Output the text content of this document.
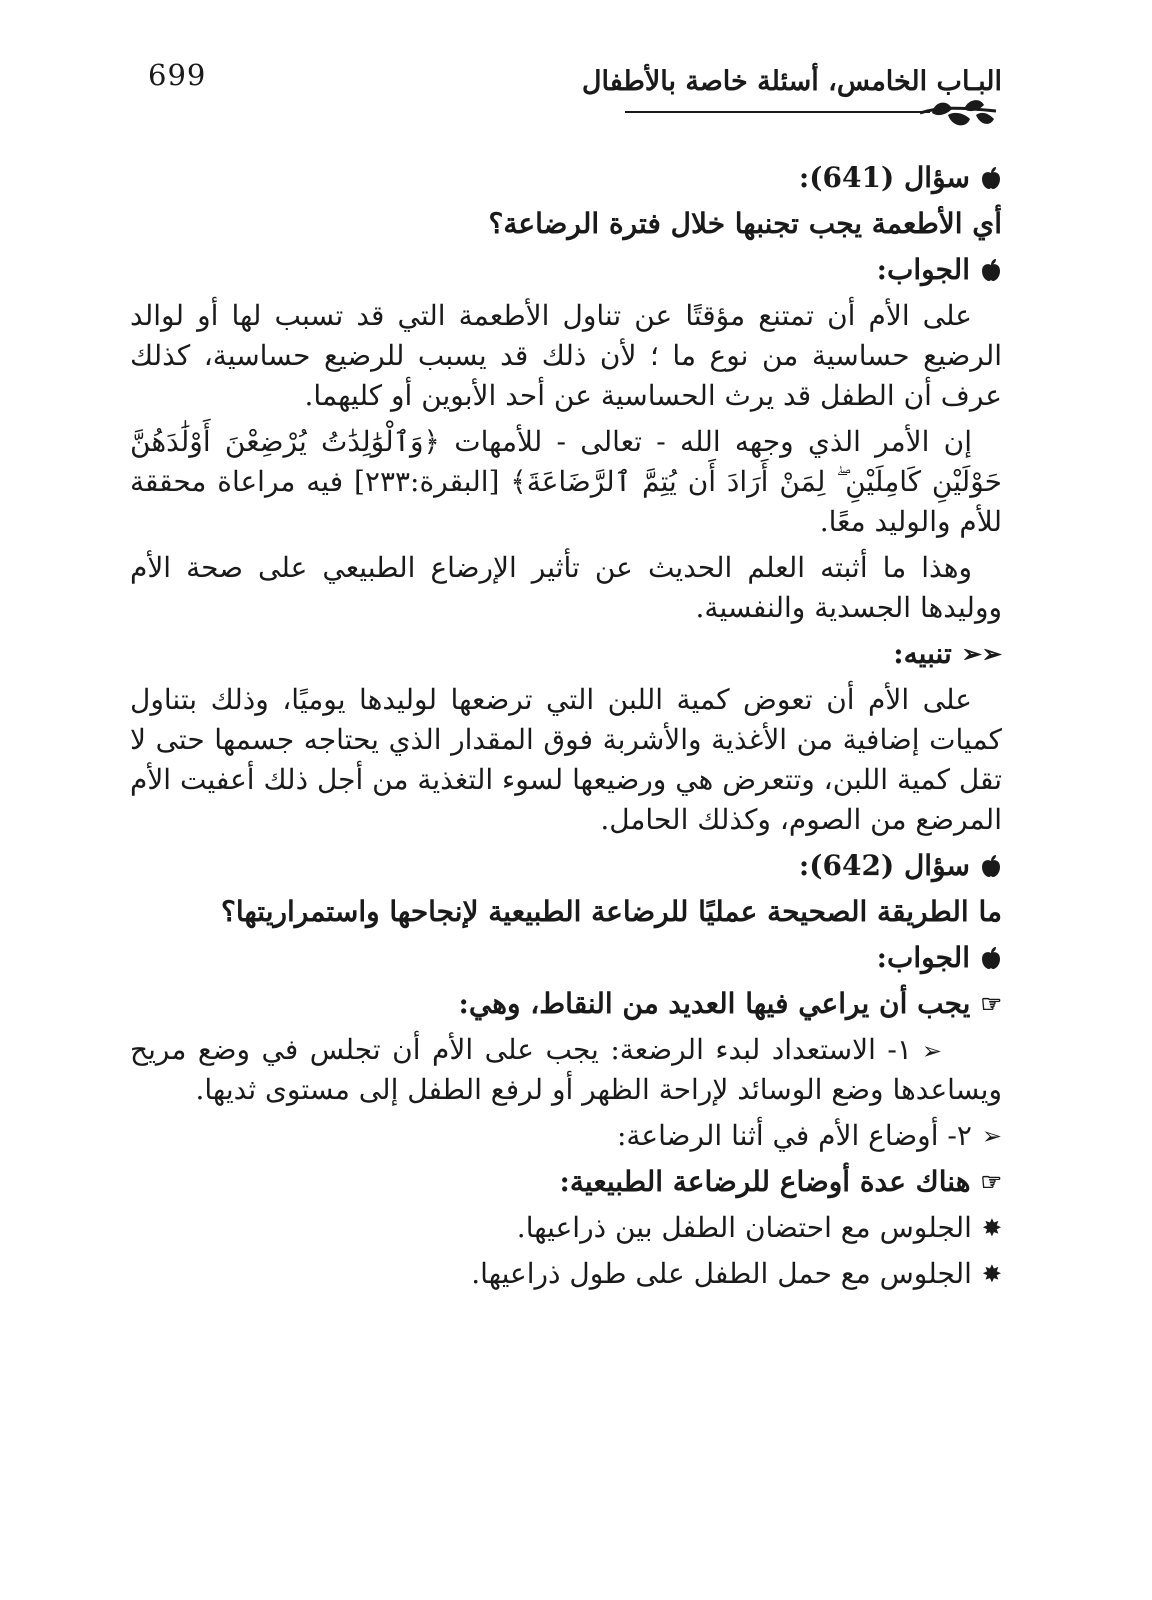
699	البـاب الخامس، أسئلة خاصة بالأطفال
سؤال (641):
أي الأطعمة يجب تجنبها خلال فترة الرضاعة؟
الجواب:

على الأم أن تمتنع مؤقتًا عن تناول الأطعمة التي قد تسبب لها أو لوالد الرضيع حساسية من نوع ما ؛ لأن ذلك قد يسبب للرضيع حساسية، كذلك عرف أن الطفل قد يرث الحساسية عن أحد الأبوين أو كليهما.

إن الأمر الذي وجهه الله - تعالى - للأمهات ﴿وَٱلْوَٰلِدَٰتُ يُرْضِعْنَ أَوْلَٰدَهُنَّ حَوْلَيْنِ كَامِلَيْنِ ۖ لِمَنْ أَرَادَ أَن يُتِمَّ ٱلرَّضَاعَةَ﴾ [البقرة:٢٣٣] فيه مراعاة محققة للأم والوليد معًا.

وهذا ما أثبته العلم الحديث عن تأثير الإرضاع الطبيعي على صحة الأم ووليدها الجسدية والنفسية.

➢➢
تنبيه:

على الأم أن تعوض كمية اللبن التي ترضعها لوليدها يوميًا، وذلك بتناول كميات إضافية من الأغذية والأشربة فوق المقدار الذي يحتاجه جسمها حتى لا تقل كمية اللبن، وتتعرض هي ورضيعها لسوء التغذية من أجل ذلك أعفيت الأم المرضع من الصوم، وكذلك الحامل.

سؤال (642):
ما الطريقة الصحيحة عمليًا للرضاعة الطبيعية لإنجاحها واستمراريتها؟
الجواب:
☞
يجب أن يراعي فيها العديد من النقاط، وهي:

➢١- الاستعداد لبدء الرضعة: يجب على الأم أن تجلس في وضع مريح ويساعدها وضع الوسائد لإراحة الظهر أو لرفع الطفل إلى مستوى ثديها.

➢
٢- أوضاع الأم في أثنا الرضاعة:
☞
هناك عدة أوضاع للرضاعة الطبيعية:
✸
الجلوس مع احتضان الطفل بين ذراعيها.
✸
الجلوس مع حمل الطفل على طول ذراعيها.
